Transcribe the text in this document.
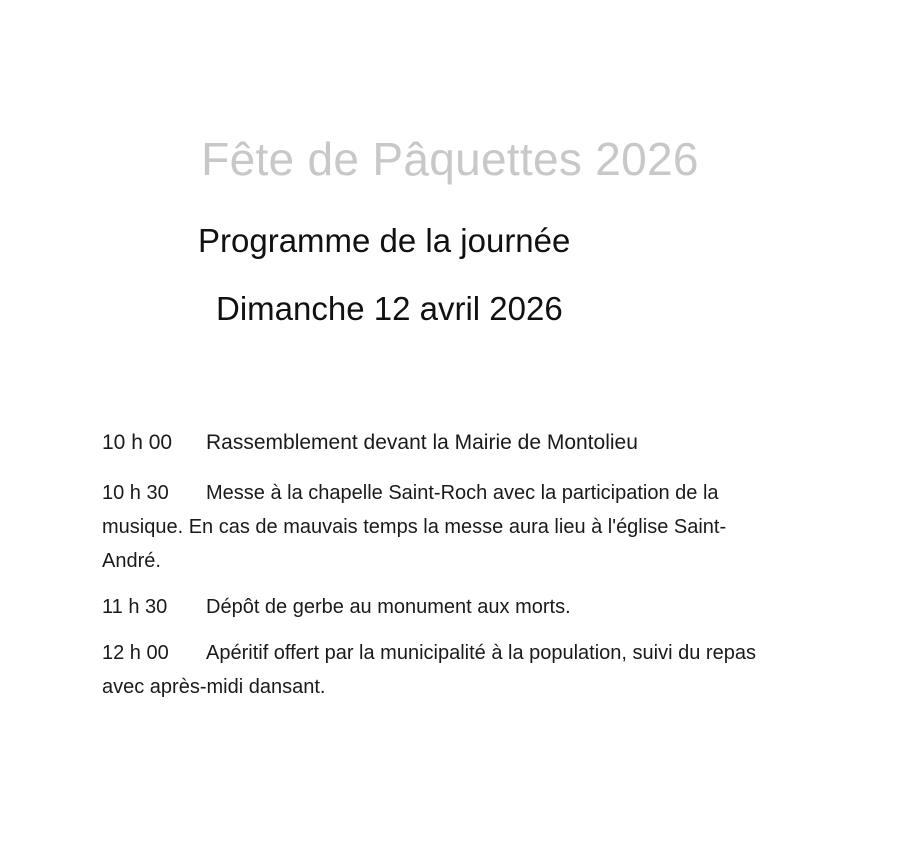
Fête de Pâquettes 2026
Programme de la journée
Dimanche 12 avril 2026
10 h 00 Rassemblement devant la Mairie de Montolieu
10 h 30 Messe à la chapelle Saint-Roch avec la participation de la musique. En cas de mauvais temps la messe aura lieu à l'église Saint-André.
11 h 30 Dépôt de gerbe au monument aux morts.
12 h 00 Apéritif offert par la municipalité à la population, suivi du repas avec après-midi dansant.
